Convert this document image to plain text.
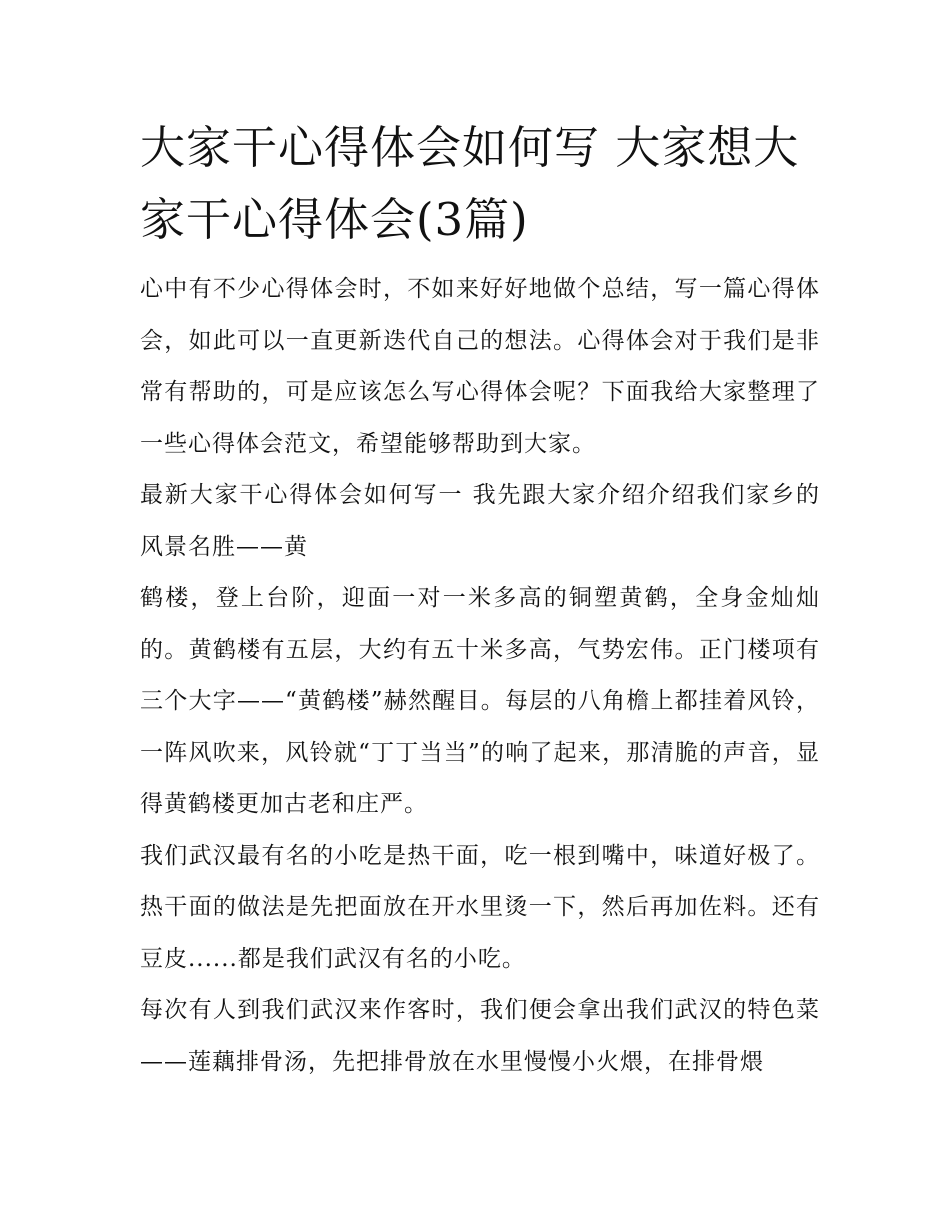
大家干心得体会如何写 大家想大家干心得体会(3篇)

心中有不少心得体会时，不如来好好地做个总结，写一篇心得体会，如此可以一直更新迭代自己的想法。心得体会对于我们是非常有帮助的，可是应该怎么写心得体会呢？下面我给大家整理了一些心得体会范文，希望能够帮助到大家。

最新大家干心得体会如何写一 我先跟大家介绍介绍我们家乡的风景名胜——黄

鹤楼，登上台阶，迎面一对一米多高的铜塑黄鹤，全身金灿灿的。黄鹤楼有五层，大约有五十米多高，气势宏伟。正门楼项有三个大字——“黄鹤楼”赫然醒目。每层的八角檐上都挂着风铃，一阵风吹来，风铃就“丁丁当当”的响了起来，那清脆的声音，显得黄鹤楼更加古老和庄严。

我们武汉最有名的小吃是热干面，吃一根到嘴中，味道好极了。热干面的做法是先把面放在开水里烫一下，然后再加佐料。还有豆皮......都是我们武汉有名的小吃。

每次有人到我们武汉来作客时，我们便会拿出我们武汉的特色菜——莲藕排骨汤，先把排骨放在水里慢慢小火煨，在排骨煨
